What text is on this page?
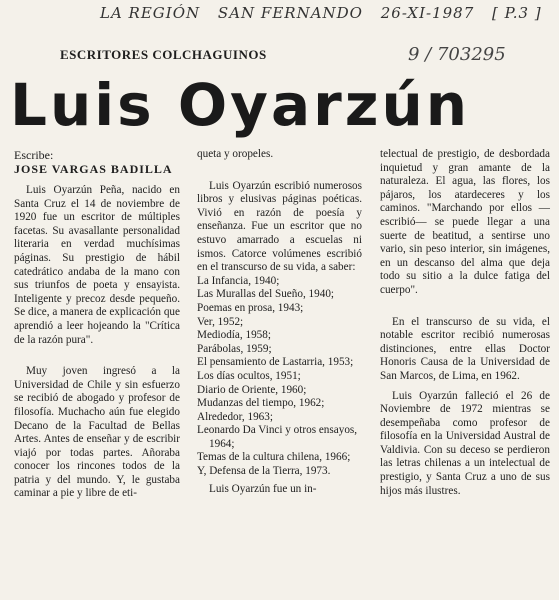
LA REGIÓN SAN FERNANDO 26-XI-1987 [ P.3 ]
9 / 703295
ESCRITORES COLCHAGUINOS
Luis Oyarzún

Escribe:

JOSE VARGAS BADILLA

Luis Oyarzún Peña, nacido en Santa Cruz el 14 de noviembre de 1920 fue un escritor de múltiples facetas. Su avasallante personalidad literaria en verdad muchísimas páginas. Su prestigio de hábil catedrático andaba de la mano con sus triunfos de poeta y ensayista. Inteligente y precoz desde pequeño. Se dice, a manera de explicación que aprendió a leer hojeando la "Crítica de la razón pura".

Muy joven ingresó a la Universidad de Chile y sin esfuerzo se recibió de abogado y profesor de filosofía. Muchacho aún fue elegido Decano de la Facultad de Bellas Artes. Antes de enseñar y de escribir viajó por todas partes. Añoraba conocer los rincones todos de la patria y del mundo. Y, le gustaba caminar a pie y libre de eti-

queta y oropeles.

Luis Oyarzún escribió numerosos libros y elusivas páginas poéticas. Vivió en razón de poesía y enseñanza. Fue un escritor que no estuvo amarrado a escuelas ni ismos. Catorce volúmenes escribió en el transcurso de su vida, a saber:

La Infancia, 1940;
Las Murallas del Sueño, 1940;
Poemas en prosa, 1943;
Ver, 1952;
Mediodía, 1958;
Parábolas, 1959;
El pensamiento de Lastarria, 1953;
Los días ocultos, 1951;
Diario de Oriente, 1960;
Mudanzas del tiempo, 1962;
Alrededor, 1963;
Leonardo Da Vinci y otros ensayos, 1964;
Temas de la cultura chilena, 1966;
Y, Defensa de la Tierra, 1973.

Luis Oyarzún fue un in-

telectual de prestigio, de desbordada inquietud y gran amante de la naturaleza. El agua, las flores, los pájaros, los atardeceres y los caminos. "Marchando por ellos —escribió— se puede llegar a una suerte de beatitud, a sentirse uno vario, sin peso interior, sin imágenes, en un descanso del alma que deja todo su sitio a la dulce fatiga del cuerpo".

En el transcurso de su vida, el notable escritor recibió numerosas distinciones, entre ellas Doctor Honoris Causa de la Universidad de San Marcos, de Lima, en 1962.

Luis Oyarzún falleció el 26 de Noviembre de 1972 mientras se desempeñaba como profesor de filosofía en la Universidad Austral de Valdivia. Con su deceso se perdieron las letras chilenas a un intelectual de prestigio, y Santa Cruz a uno de sus hijos más ilustres.
